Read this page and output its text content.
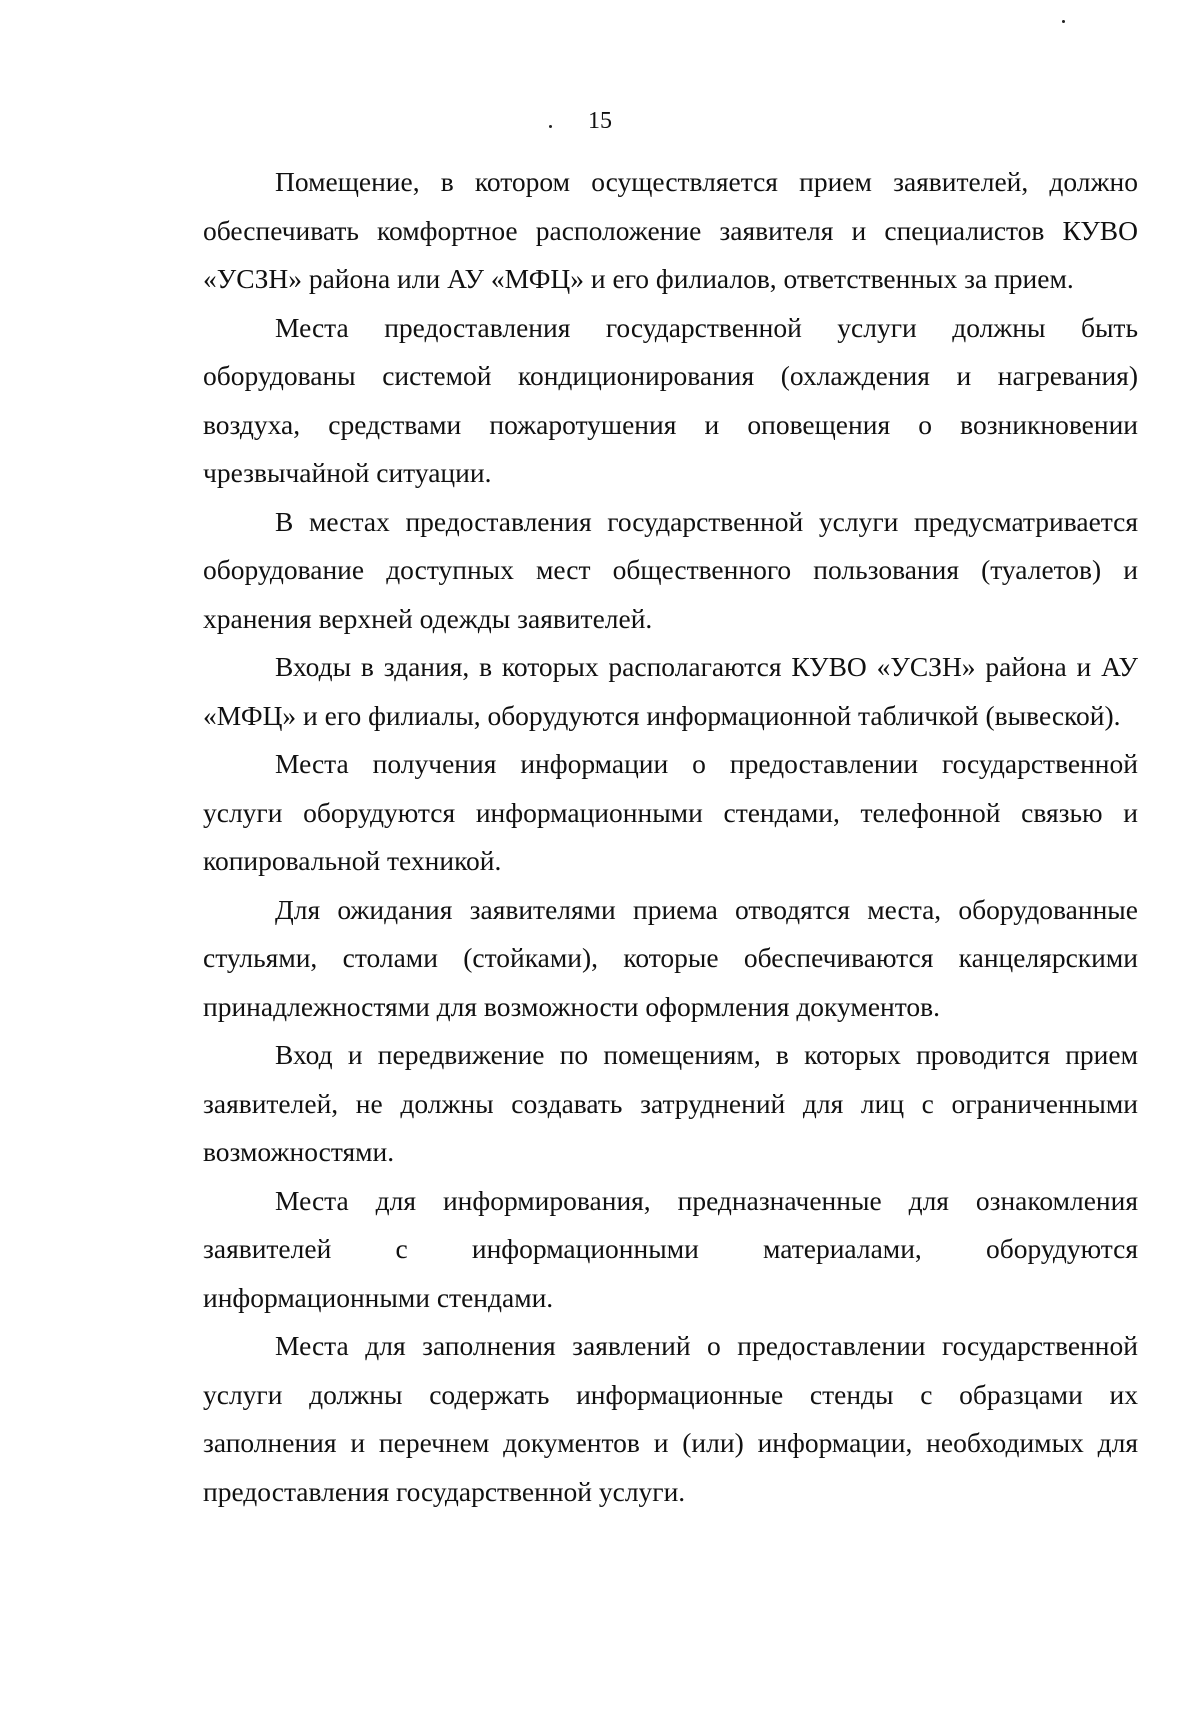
15

Помещение, в котором осуществляется прием заявителей, должно обеспечивать комфортное расположение заявителя и специалистов КУВО «УСЗН» района или АУ «МФЦ» и его филиалов, ответственных за прием.

Места предоставления государственной услуги должны быть оборудованы системой кондиционирования (охлаждения и нагревания) воздуха, средствами пожаротушения и оповещения о возникновении чрезвычайной ситуации.

В местах предоставления государственной услуги предусматривается оборудование доступных мест общественного пользования (туалетов) и хранения верхней одежды заявителей.

Входы в здания, в которых располагаются КУВО «УСЗН» района и АУ «МФЦ» и его филиалы, оборудуются информационной табличкой (вывеской).

Места получения информации о предоставлении государственной услуги оборудуются информационными стендами, телефонной связью и копировальной техникой.

Для ожидания заявителями приема отводятся места, оборудованные стульями, столами (стойками), которые обеспечиваются канцелярскими принадлежностями для возможности оформления документов.

Вход и передвижение по помещениям, в которых проводится прием заявителей, не должны создавать затруднений для лиц с ограниченными возможностями.

Места для информирования, предназначенные для ознакомления заявителей с информационными материалами, оборудуются информационными стендами.

Места для заполнения заявлений о предоставлении государственной услуги должны содержать информационные стенды с образцами их заполнения и перечнем документов и (или) информации, необходимых для предоставления государственной услуги.
